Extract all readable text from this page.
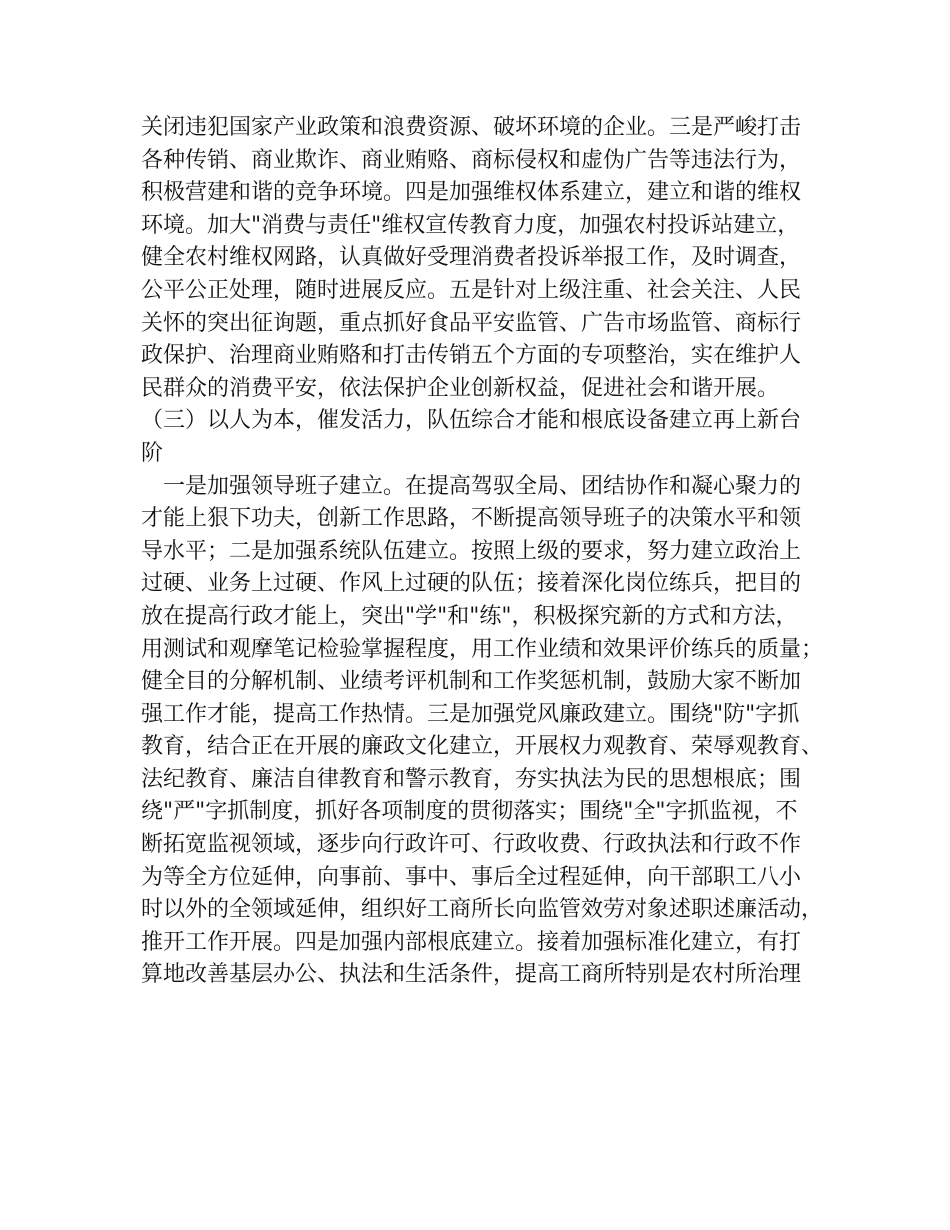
关闭违犯国家产业政策和浪费资源、破坏环境的企业。三是严峻打击
各种传销、商业欺诈、商业贿赂、商标侵权和虚伪广告等违法行为，
积极营建和谐的竞争环境。四是加强维权体系建立，建立和谐的维权
环境。加大"消费与责任"维权宣传教育力度，加强农村投诉站建立，
健全农村维权网路，认真做好受理消费者投诉举报工作，及时调查，
公平公正处理，随时进展反应。五是针对上级注重、社会关注、人民
关怀的突出征询题，重点抓好食品平安监管、广告市场监管、商标行
政保护、治理商业贿赂和打击传销五个方面的专项整治，实在维护人
民群众的消费平安，依法保护企业创新权益，促进社会和谐开展。
（三）以人为本，催发活力，队伍综合才能和根底设备建立再上新台
阶
　一是加强领导班子建立。在提高驾驭全局、团结协作和凝心聚力的
才能上狠下功夫，创新工作思路，不断提高领导班子的决策水平和领
导水平；二是加强系统队伍建立。按照上级的要求，努力建立政治上
过硬、业务上过硬、作风上过硬的队伍；接着深化岗位练兵，把目的
放在提高行政才能上，突出"学"和"练"，积极探究新的方式和方法，
用测试和观摩笔记检验掌握程度，用工作业绩和效果评价练兵的质量；
健全目的分解机制、业绩考评机制和工作奖惩机制，鼓励大家不断加
强工作才能，提高工作热情。三是加强党风廉政建立。围绕"防"字抓
教育，结合正在开展的廉政文化建立，开展权力观教育、荣辱观教育、
法纪教育、廉洁自律教育和警示教育，夯实执法为民的思想根底；围
绕"严"字抓制度，抓好各项制度的贯彻落实；围绕"全"字抓监视，不
断拓宽监视领域，逐步向行政许可、行政收费、行政执法和行政不作
为等全方位延伸，向事前、事中、事后全过程延伸，向干部职工八小
时以外的全领域延伸，组织好工商所长向监管效劳对象述职述廉活动，
推开工作开展。四是加强内部根底建立。接着加强标准化建立，有打
算地改善基层办公、执法和生活条件，提高工商所特别是农村所治理
